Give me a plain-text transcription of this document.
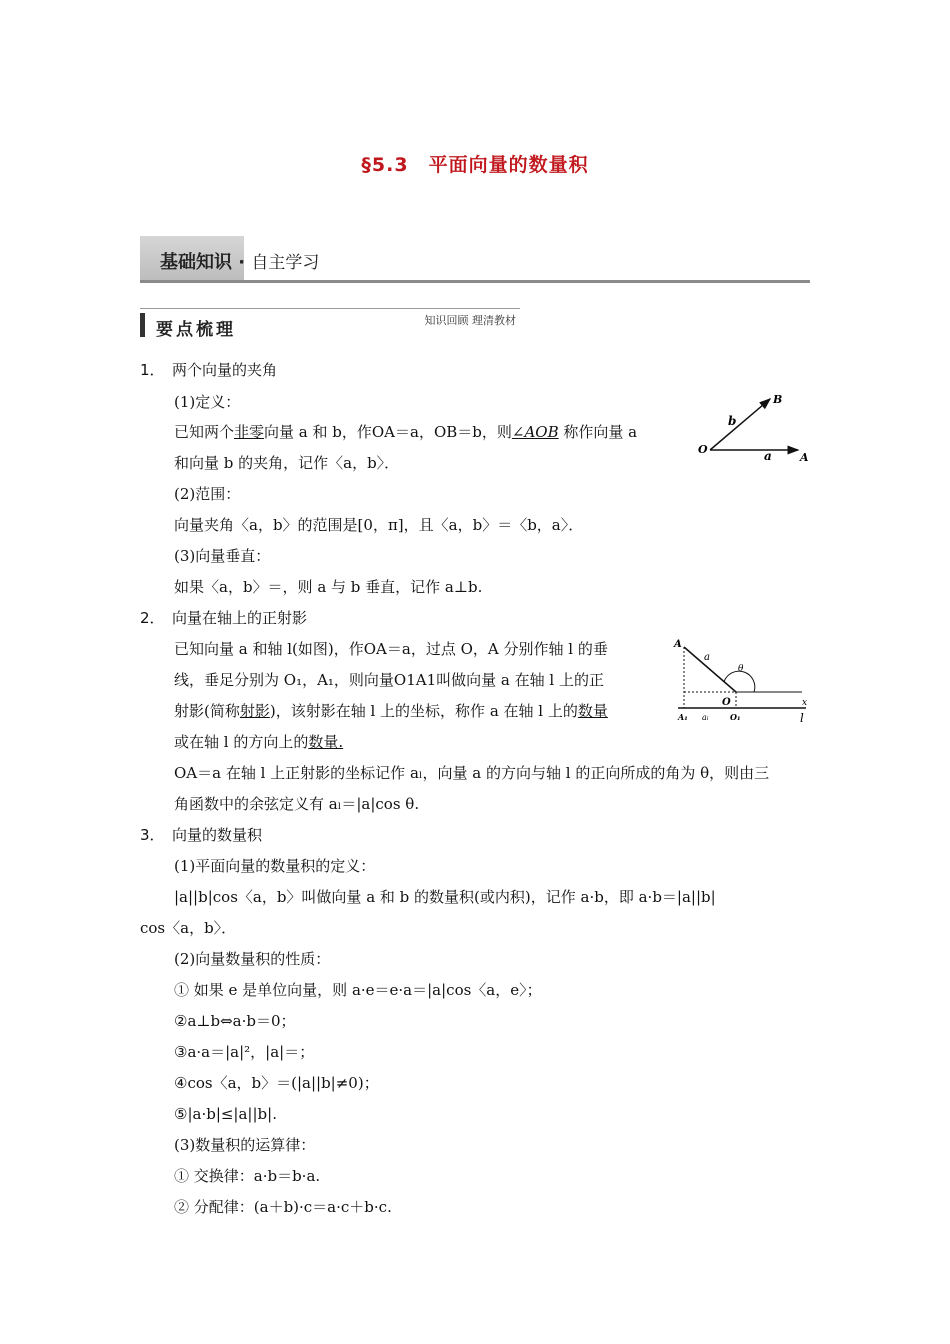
§5.3　平面向量的数量积
基础知识 · 自主学习
要点梳理	知识回顾 理清教材
1．　两个向量的夹角
(1)定义：
已知两个非零向量 a 和 b，作OA＝a，OB＝b，则∠AOB 称作向量 a
和向量 b 的夹角，记作〈a，b〉．
(2)范围：
向量夹角〈a，b〉的范围是[0，π]，且〈a，b〉＝〈b，a〉．
(3)向量垂直：
如果〈a，b〉＝，则 a 与 b 垂直，记作 a⊥b.
2．　向量在轴上的正射影
已知向量 a 和轴 l(如图)，作OA＝a，过点 O，A 分别作轴 l 的垂
线，垂足分别为 O₁，A₁，则向量O1A1叫做向量 a 在轴 l 上的正
射影(简称射影)，该射影在轴 l 上的坐标，称作 a 在轴 l 上的数量
或在轴 l 的方向上的数量.
OA＝a 在轴 l 上正射影的坐标记作 aₗ，向量 a 的方向与轴 l 的正向所成的角为 θ，则由三
角函数中的余弦定义有 aₗ＝|a|cos θ.
3．　向量的数量积
(1)平面向量的数量积的定义：
|a||b|cos〈a，b〉叫做向量 a 和 b 的数量积(或内积)，记作 a·b，即 a·b＝|a||b|
cos〈a，b〉．
(2)向量数量积的性质：
① 如果 e 是单位向量，则 a·e＝e·a＝|a|cos〈a，e〉；
②a⊥b⇔a·b＝0；
③a·a＝|a|²，|a|＝；
④cos〈a，b〉＝(|a||b|≠0)；
⑤|a·b|≤|a||b|.
(3)数量积的运算律：
① 交换律：a·b＝b·a.
② 分配律：(a＋b)·c＝a·c＋b·c.
B
b
O	a	A
A
a
θ
O	x
A₁ aₗ	O₁	l
